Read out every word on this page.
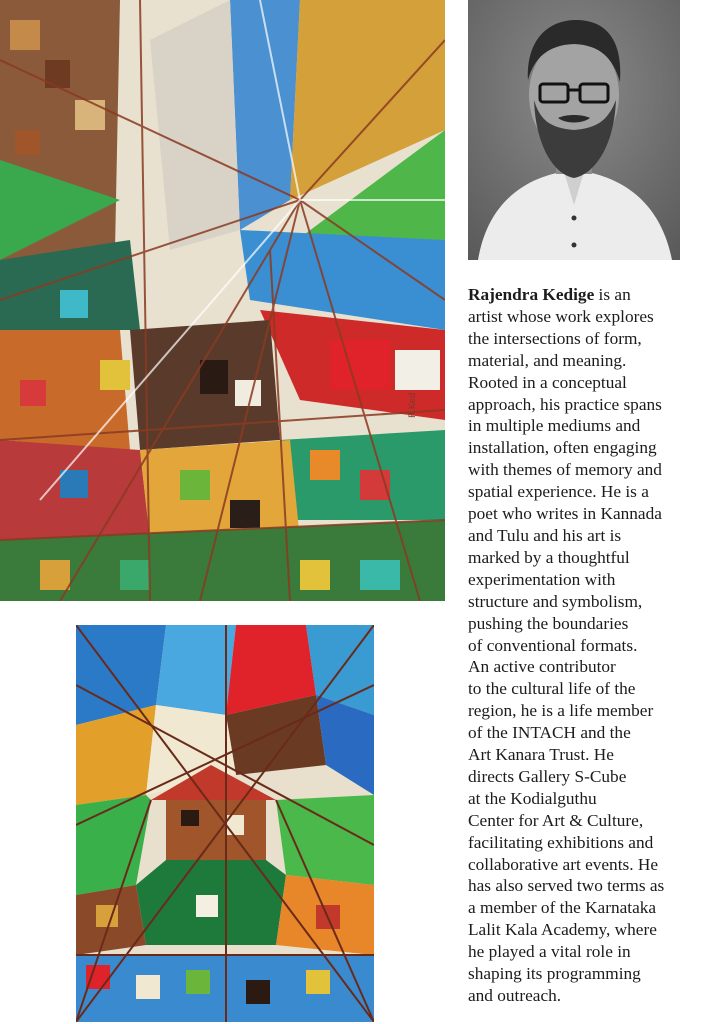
R.Ked
Rajendra Kedige is an
artist whose work explores
the intersections of form,
material, and meaning.
Rooted in a conceptual
approach, his practice spans
in multiple mediums and
installation, often engaging
with themes of memory and
spatial experience. He is a
poet who writes in Kannada
and Tulu and his art is
marked by a thoughtful
experimentation with
structure and symbolism,
pushing the boundaries
of conventional formats.
An active contributor
to the cultural life of the
region, he is a life member
of the INTACH and the
Art Kanara Trust. He
directs Gallery S-Cube
at the Kodialguthu
Center for Art & Culture,
facilitating exhibitions and
collaborative art events. He
has also served two terms as
a member of the Karnataka
Lalit Kala Academy, where
he played a vital role in
shaping its programming
and outreach.
